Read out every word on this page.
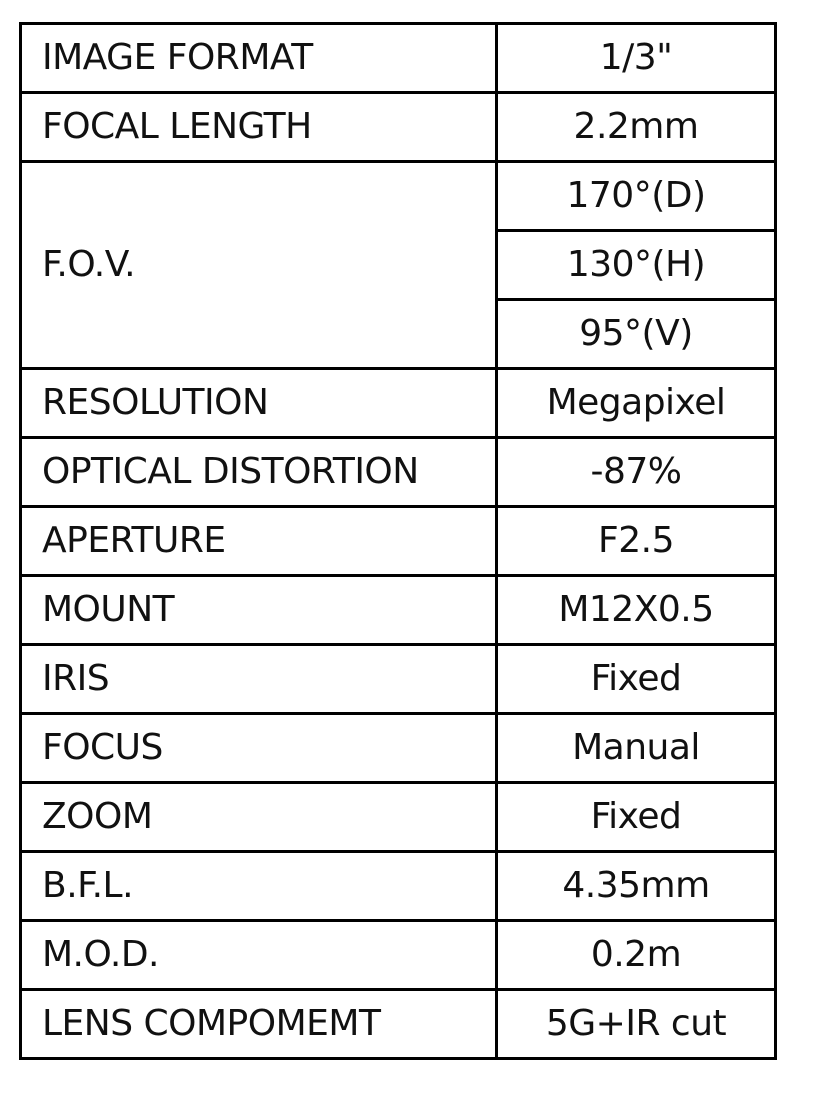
IMAGE FORMAT	1/3"
FOCAL LENGTH	2.2mm
F.O.V.	170°(D)
	130°(H)
	95°(V)
RESOLUTION	Megapixel
OPTICAL DISTORTION	-87%
APERTURE	F2.5
MOUNT	M12X0.5
IRIS	Fixed
FOCUS	Manual
ZOOM	Fixed
B.F.L.	4.35mm
M.O.D.	0.2m
LENS COMPOMEMT	5G+IR cut
